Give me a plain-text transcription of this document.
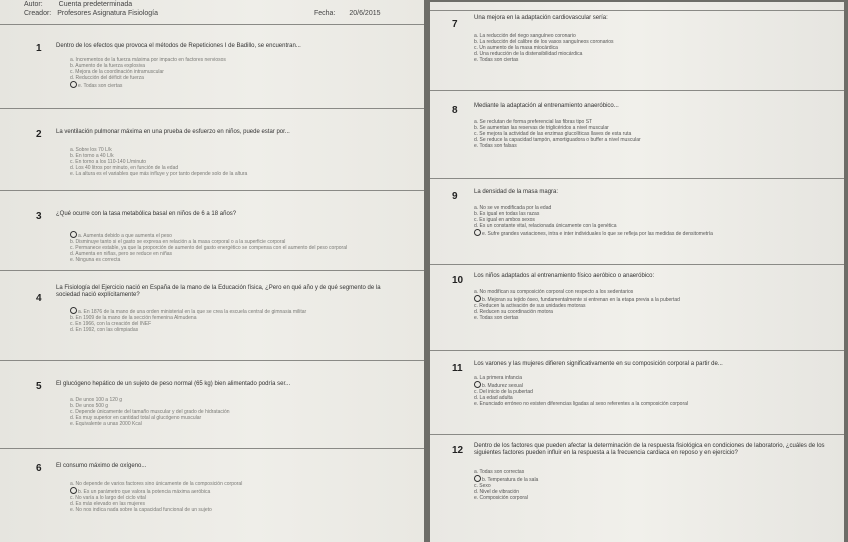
Autor: Cuenta predeterminada
Creador: Profesores Asignatura Fisiología	Fecha: 20/6/2015
1 Dentro de los efectos que provoca el métodos de Repeticiones I de Badillo, se encuentran...
a. Incrementos de la fuerza máxima por impacto en factores nerviosos
b. Aumento de la fuerza explosiva
c. Mejora de la coordinación intramuscular
d. Reducción del déficit de fuerza
e. Todas son ciertas
2 La ventilación pulmonar máxima en una prueba de esfuerzo en niños, puede estar por...
a. Sobre los 70 L/k
b. En torno a 40 L/k
c. En torno a los 110-140 L/minuto
d. Los 40 litros por minuto, en función de la edad
e. La altura es el variables que más influye y por tanto depende solo de la altura
3 ¿Qué ocurre con la tasa metabólica basal en niños de 6 a 18 años?
a. Aumenta debido a que aumenta el peso
b. Disminuye tanto si el gasto se expresa en relación a la masa corporal o a la superficie corporal
c. Permanece estable, ya que la proporción de aumento del gasto energético se compensa con el aumento del peso corporal
d. Aumenta en niñas, pero se reduce en niñas
e. Ninguna es correcta
4
La Fisiología del Ejercicio nació en España de la mano de la Educación física, ¿Pero en qué año y de qué segmento de la sociedad nació explícitamente?
a. En 1876 de la mano de una orden ministerial en la que se crea la escuela central de gimnasia militar
b. En 1909 de la mano de la sección femenina Almudena
c. En 1966, con la creación del INEF
d. En 1992, con las olimpiadas
5 El glucógeno hepático de un sujeto de peso normal (65 kg) bien alimentado podría ser...
a. De unos 100 a 120 g
b. De unos 500 g
c. Depende únicamente del tamaño muscular y del grado de hidratación
d. Es muy superior en cantidad total al glucógeno muscular
e. Equivalente a unas 2000 Kcal
6 El consumo máximo de oxígeno...
a. No depende de varios factores sino únicamente de la composición corporal
b. Es un parámetro que valora la potencia máxima aeróbica
c. No varía a lo largo del ciclo vital
d. Es más elevado en las mujeres
e. No nos indica nada sobre la capacidad funcional de un sujeto
7
Una mejora en la adaptación cardiovascular sería:
a. La reducción del riego sanguíneo coronario
b. La reducción del calibre de los vasos sanguíneos coronarios
c. Un aumento de la masa miocárdica
d. Una reducción de la distensibilidad miocárdica
e. Todas son ciertas
8	Mediante la adaptación al entrenamiento anaeróbico...
a. Se reclutan de forma preferencial las fibras tipo ST
b. Se aumentan las reservas de triglicéridos a nivel muscular
c. Se mejora la actividad de las enzimas glucolíticas llaves de esta ruta
d. Se reduce la capacidad tampón, amortiguadora o buffer a nivel muscular
e. Todas son falsas
9	La densidad de la masa magra:
a. No se ve modificada por la edad
b. Es igual en todas las razas
c. Es igual en ambos sexos
d. Es un constante vital, relacionada únicamente con la genética
e. Sufre grandes variaciones, intra e inter individuales lo que se refleja por las medidas de densitometría
10 Los niños adaptados al entrenamiento físico aeróbico o anaeróbico:
a. No modifican su composición corporal con respecto a los sedentarios
b. Mejoran su tejido óseo, fundamentalmente si entrenan en la etapa previa a la pubertad
c. Reducen la activación de sus unidades motoras
d. Reducen su coordinación motora
e. Todas son ciertas
11 Los varones y las mujeres difieren significativamente en su composición corporal a partir de...
a. La primera infancia
b. Madurez sexual
c. Del inicio de la pubertad
d. La edad adulta
e. Enunciado erróneo no existen diferencias ligadas al sexo referentes a la composición corporal
12 Dentro de los factores que pueden afectar la determinación de la respuesta fisiológica en condiciones de laboratorio, ¿cuáles de los siguientes factores pueden influir en la respuesta a la frecuencia cardiaca en reposo y en ejercicio?
a. Todas son correctas
b. Temperatura de la sala
c. Sexo
d. Nivel de vibración
e. Composición corporal
